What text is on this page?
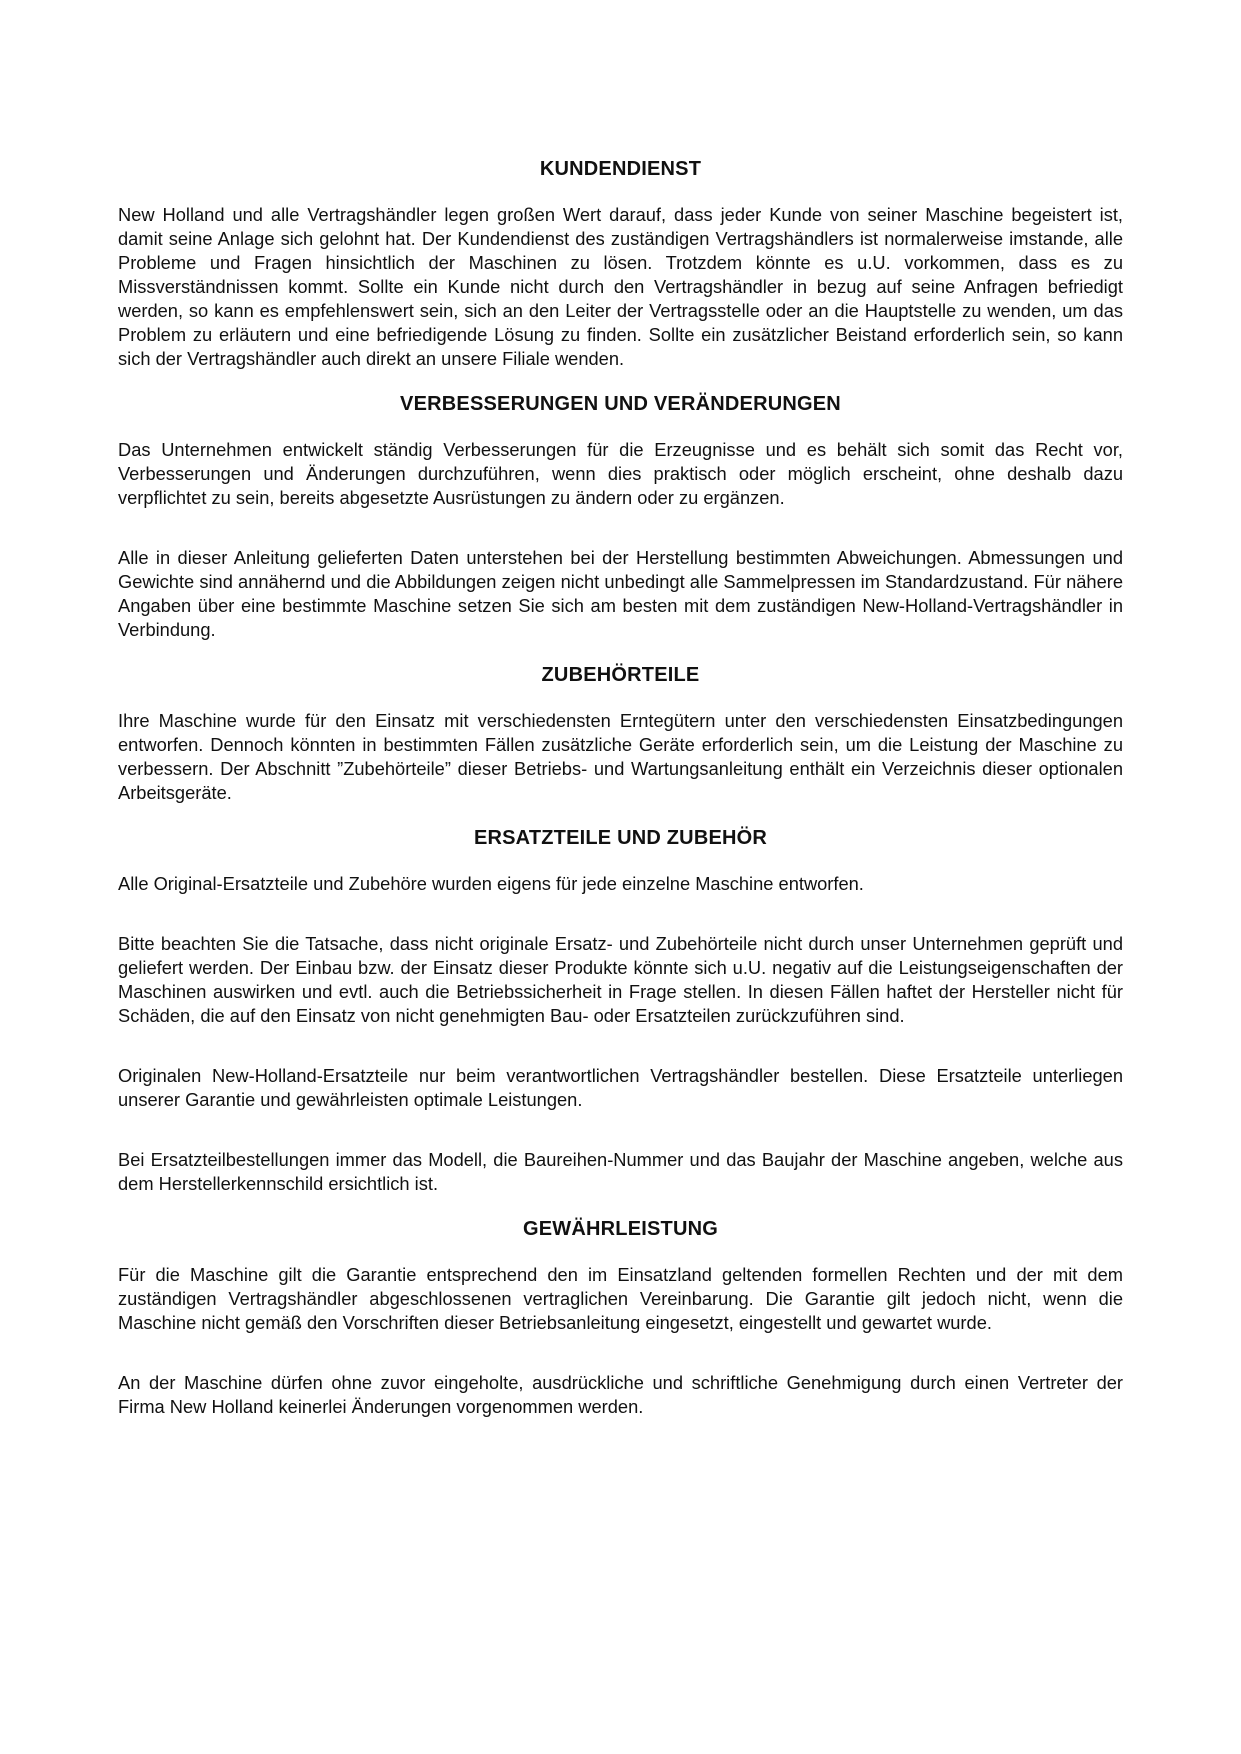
KUNDENDIENST

New Holland und alle Vertragshändler legen großen Wert darauf, dass jeder Kunde von seiner Maschine begeistert ist, damit seine Anlage sich gelohnt hat. Der Kundendienst des zuständigen Vertragshändlers ist normalerweise imstande, alle Probleme und Fragen hinsichtlich der Maschinen zu lösen. Trotzdem könnte es u.U. vorkommen, dass es zu Missverständnissen kommt. Sollte ein Kunde nicht durch den Vertragshändler in bezug auf seine Anfragen befriedigt werden, so kann es empfehlenswert sein, sich an den Leiter der Vertragsstelle oder an die Hauptstelle zu wenden, um das Problem zu erläutern und eine befriedigende Lösung zu finden. Sollte ein zusätzlicher Beistand erforderlich sein, so kann sich der Vertragshändler auch direkt an unsere Filiale wenden.

VERBESSERUNGEN UND VERÄNDERUNGEN

Das Unternehmen entwickelt ständig Verbesserungen für die Erzeugnisse und es behält sich somit das Recht vor, Verbesserungen und Änderungen durchzuführen, wenn dies praktisch oder möglich erscheint, ohne deshalb dazu verpflichtet zu sein, bereits abgesetzte Ausrüstungen zu ändern oder zu ergänzen.

Alle in dieser Anleitung gelieferten Daten unterstehen bei der Herstellung bestimmten Abweichungen. Abmessungen und Gewichte sind annähernd und die Abbildungen zeigen nicht unbedingt alle Sammelpressen im Standardzustand. Für nähere Angaben über eine bestimmte Maschine setzen Sie sich am besten mit dem zuständigen New-Holland-Vertragshändler in Verbindung.

ZUBEHÖRTEILE

Ihre Maschine wurde für den Einsatz mit verschiedensten Erntegütern unter den verschiedensten Einsatzbedingungen entworfen. Dennoch könnten in bestimmten Fällen zusätzliche Geräte erforderlich sein, um die Leistung der Maschine zu verbessern. Der Abschnitt ”Zubehörteile” dieser Betriebs- und Wartungsanleitung enthält ein Verzeichnis dieser optionalen Arbeitsgeräte.

ERSATZTEILE UND ZUBEHÖR

Alle Original-Ersatzteile und Zubehöre wurden eigens für jede einzelne Maschine entworfen.

Bitte beachten Sie die Tatsache, dass nicht originale Ersatz- und Zubehörteile nicht durch unser Unternehmen geprüft und geliefert werden. Der Einbau bzw. der Einsatz dieser Produkte könnte sich u.U. negativ auf die Leistungseigenschaften der Maschinen auswirken und evtl. auch die Betriebssicherheit in Frage stellen. In diesen Fällen haftet der Hersteller nicht für Schäden, die auf den Einsatz von nicht genehmigten Bau- oder Ersatzteilen zurückzuführen sind.

Originalen New-Holland-Ersatzteile nur beim verantwortlichen Vertragshändler bestellen. Diese Ersatzteile unterliegen unserer Garantie und gewährleisten optimale Leistungen.

Bei Ersatzteilbestellungen immer das Modell, die Baureihen-Nummer und das Baujahr der Maschine angeben, welche aus dem Herstellerkennschild ersichtlich ist.

GEWÄHRLEISTUNG

Für die Maschine gilt die Garantie entsprechend den im Einsatzland geltenden formellen Rechten und der mit dem zuständigen Vertragshändler abgeschlossenen vertraglichen Vereinbarung. Die Garantie gilt jedoch nicht, wenn die Maschine nicht gemäß den Vorschriften dieser Betriebsanleitung eingesetzt, eingestellt und gewartet wurde.

An der Maschine dürfen ohne zuvor eingeholte, ausdrückliche und schriftliche Genehmigung durch einen Vertreter der Firma New Holland keinerlei Änderungen vorgenommen werden.
